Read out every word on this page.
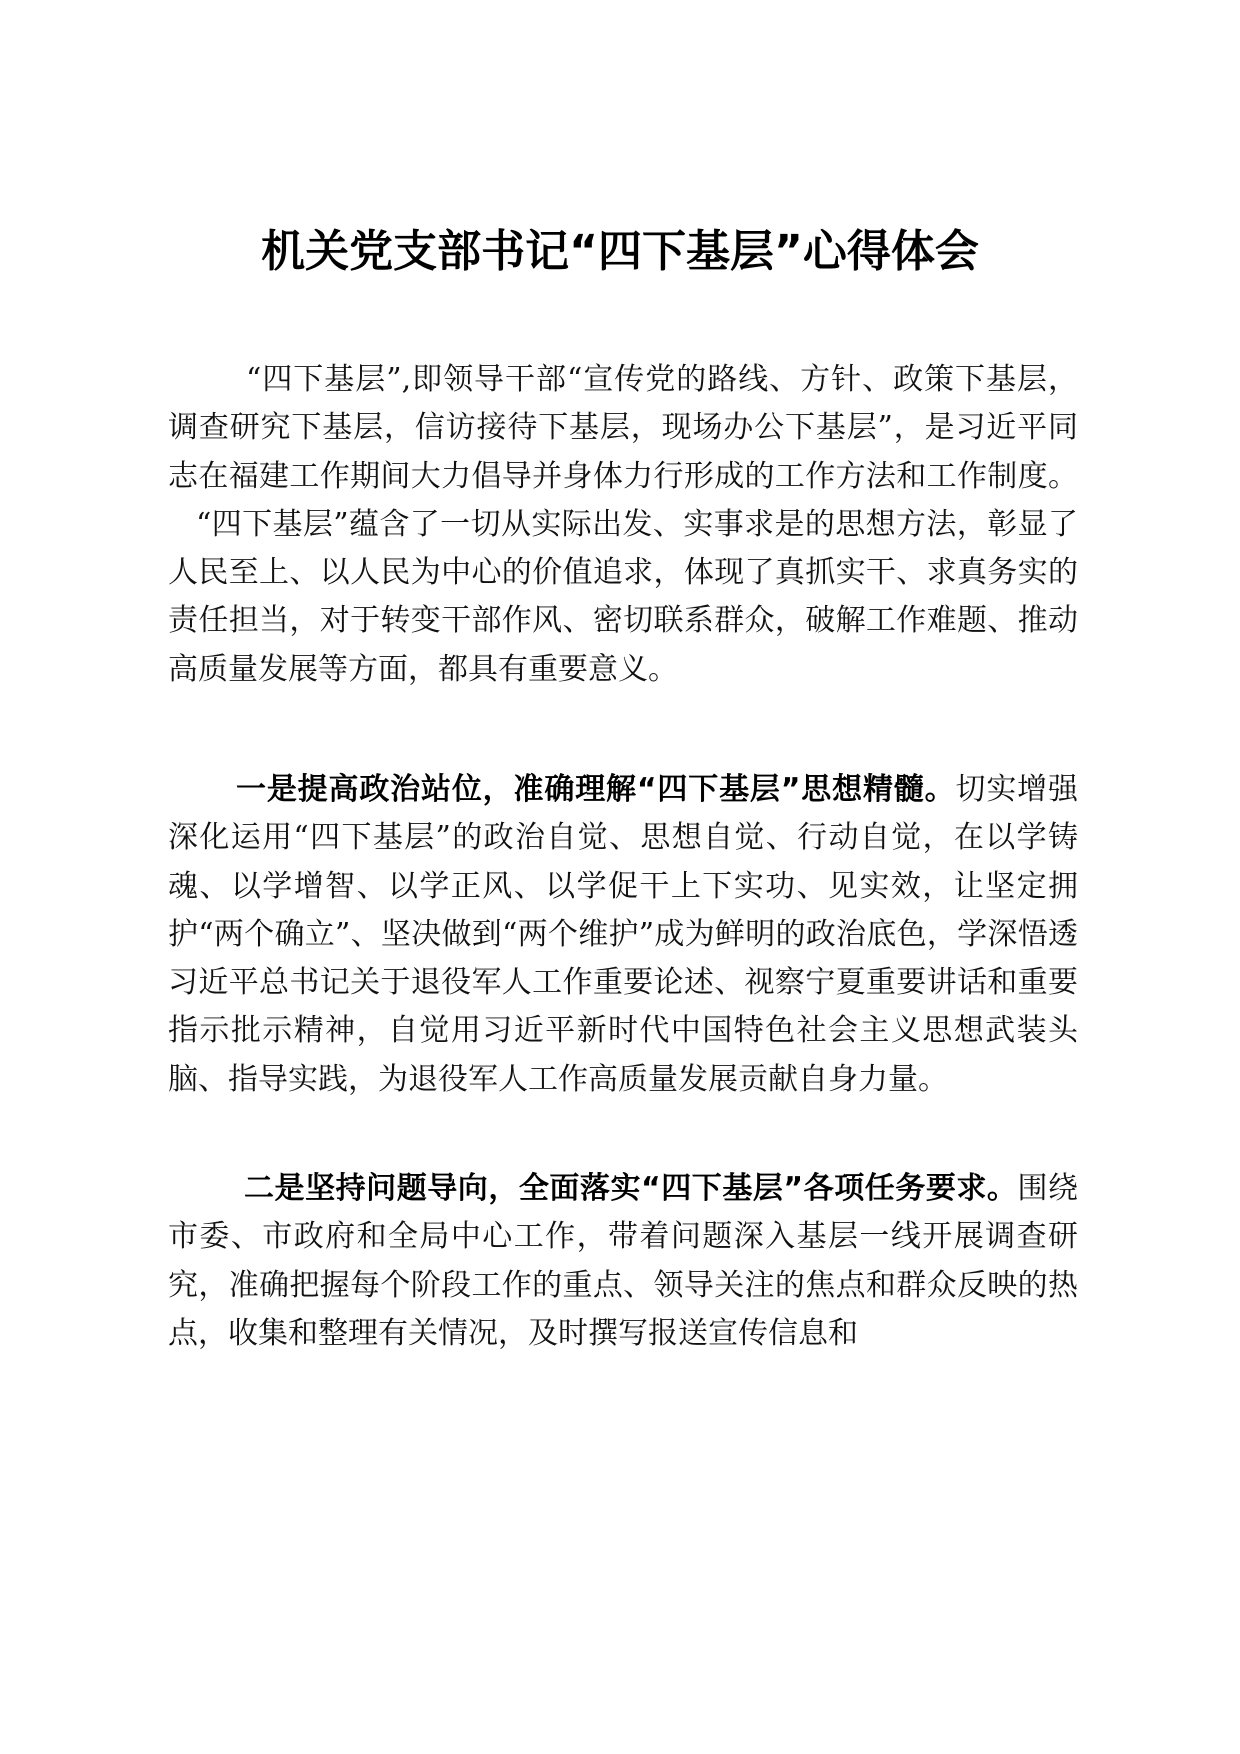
机关党支部书记“四下基层”心得体会

“四下基层”,即领导干部“宣传党的路线、方针、政策下基层，调查研究下基层，信访接待下基层，现场办公下基层”，是习近平同志在福建工作期间大力倡导并身体力行形成的工作方法和工作制度。“四下基层”蕴含了一切从实际出发、实事求是的思想方法，彰显了人民至上、以人民为中心的价值追求，体现了真抓实干、求真务实的责任担当，对于转变干部作风、密切联系群众，破解工作难题、推动高质量发展等方面，都具有重要意义。

一是提高政治站位，准确理解“四下基层”思想精髓。切实增强深化运用“四下基层”的政治自觉、思想自觉、行动自觉，在以学铸魂、以学增智、以学正风、以学促干上下实功、见实效，让坚定拥护“两个确立”、坚决做到“两个维护”成为鲜明的政治底色，学深悟透习近平总书记关于退役军人工作重要论述、视察宁夏重要讲话和重要指示批示精神，自觉用习近平新时代中国特色社会主义思想武装头脑、指导实践，为退役军人工作高质量发展贡献自身力量。

二是坚持问题导向，全面落实“四下基层”各项任务要求。围绕市委、市政府和全局中心工作，带着问题深入基层一线开展调查研究，准确把握每个阶段工作的重点、领导关注的焦点和群众反映的热点，收集和整理有关情况，及时撰写报送宣传信息和
